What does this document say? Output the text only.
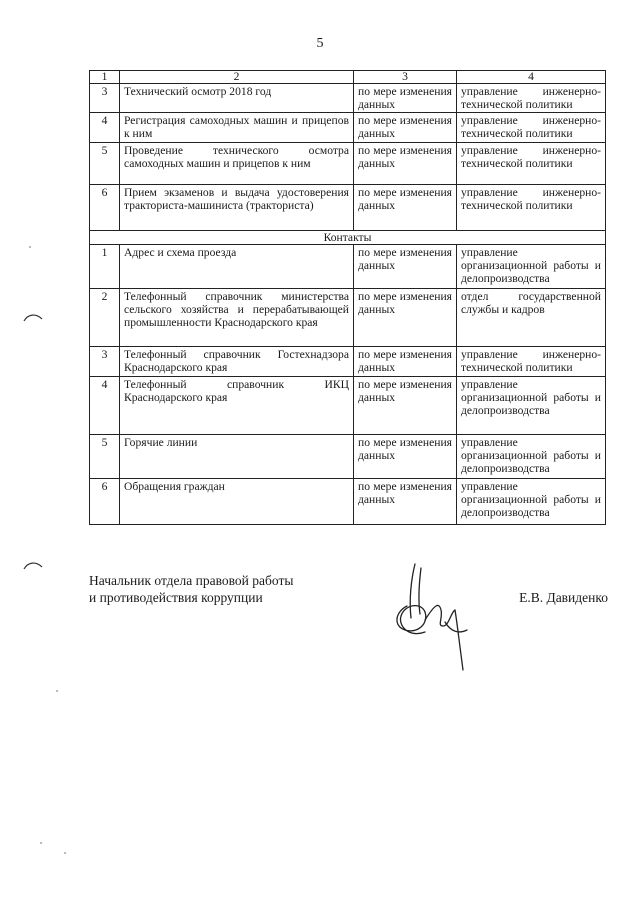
5
1	2	3	4
3	Технический осмотр 2018 год	по мере изменения данных	управление инженерно-технической политики
4	Регистрация самоходных машин и прицепов к ним	по мере изменения данных	управление инженерно-технической политики
5	Проведение технического осмотра самоходных машин и прицепов к ним	по мере изменения данных	управление инженерно-технической политики
6	Прием экзаменов и выдача удостоверения тракториста-машиниста (тракториста)	по мере изменения данных	управление инженерно-технической политики
Контакты			
1	Адрес и схема проезда	по мере изменения данных	управление организационной работы и делопроизводства
2	Телефонный справочник министерства сельского хозяйства и перерабатывающей промышленности Краснодарского края	по мере изменения данных	отдел государственной службы и кадров
3	Телефонный справочник Гостехнадзора Краснодарского края	по мере изменения данных	управление инженерно-технической политики
4	Телефонный справочник ИКЦ Краснодарского края	по мере изменения данных	управление организационной работы и делопроизводства
5	Горячие линии	по мере изменения данных	управление организационной работы и делопроизводства
6	Обращения граждан	по мере изменения данных	управление организационной работы и делопроизводства
Начальник отдела правовой работы
и противодействия коррупции	Е.В. Давиденко
